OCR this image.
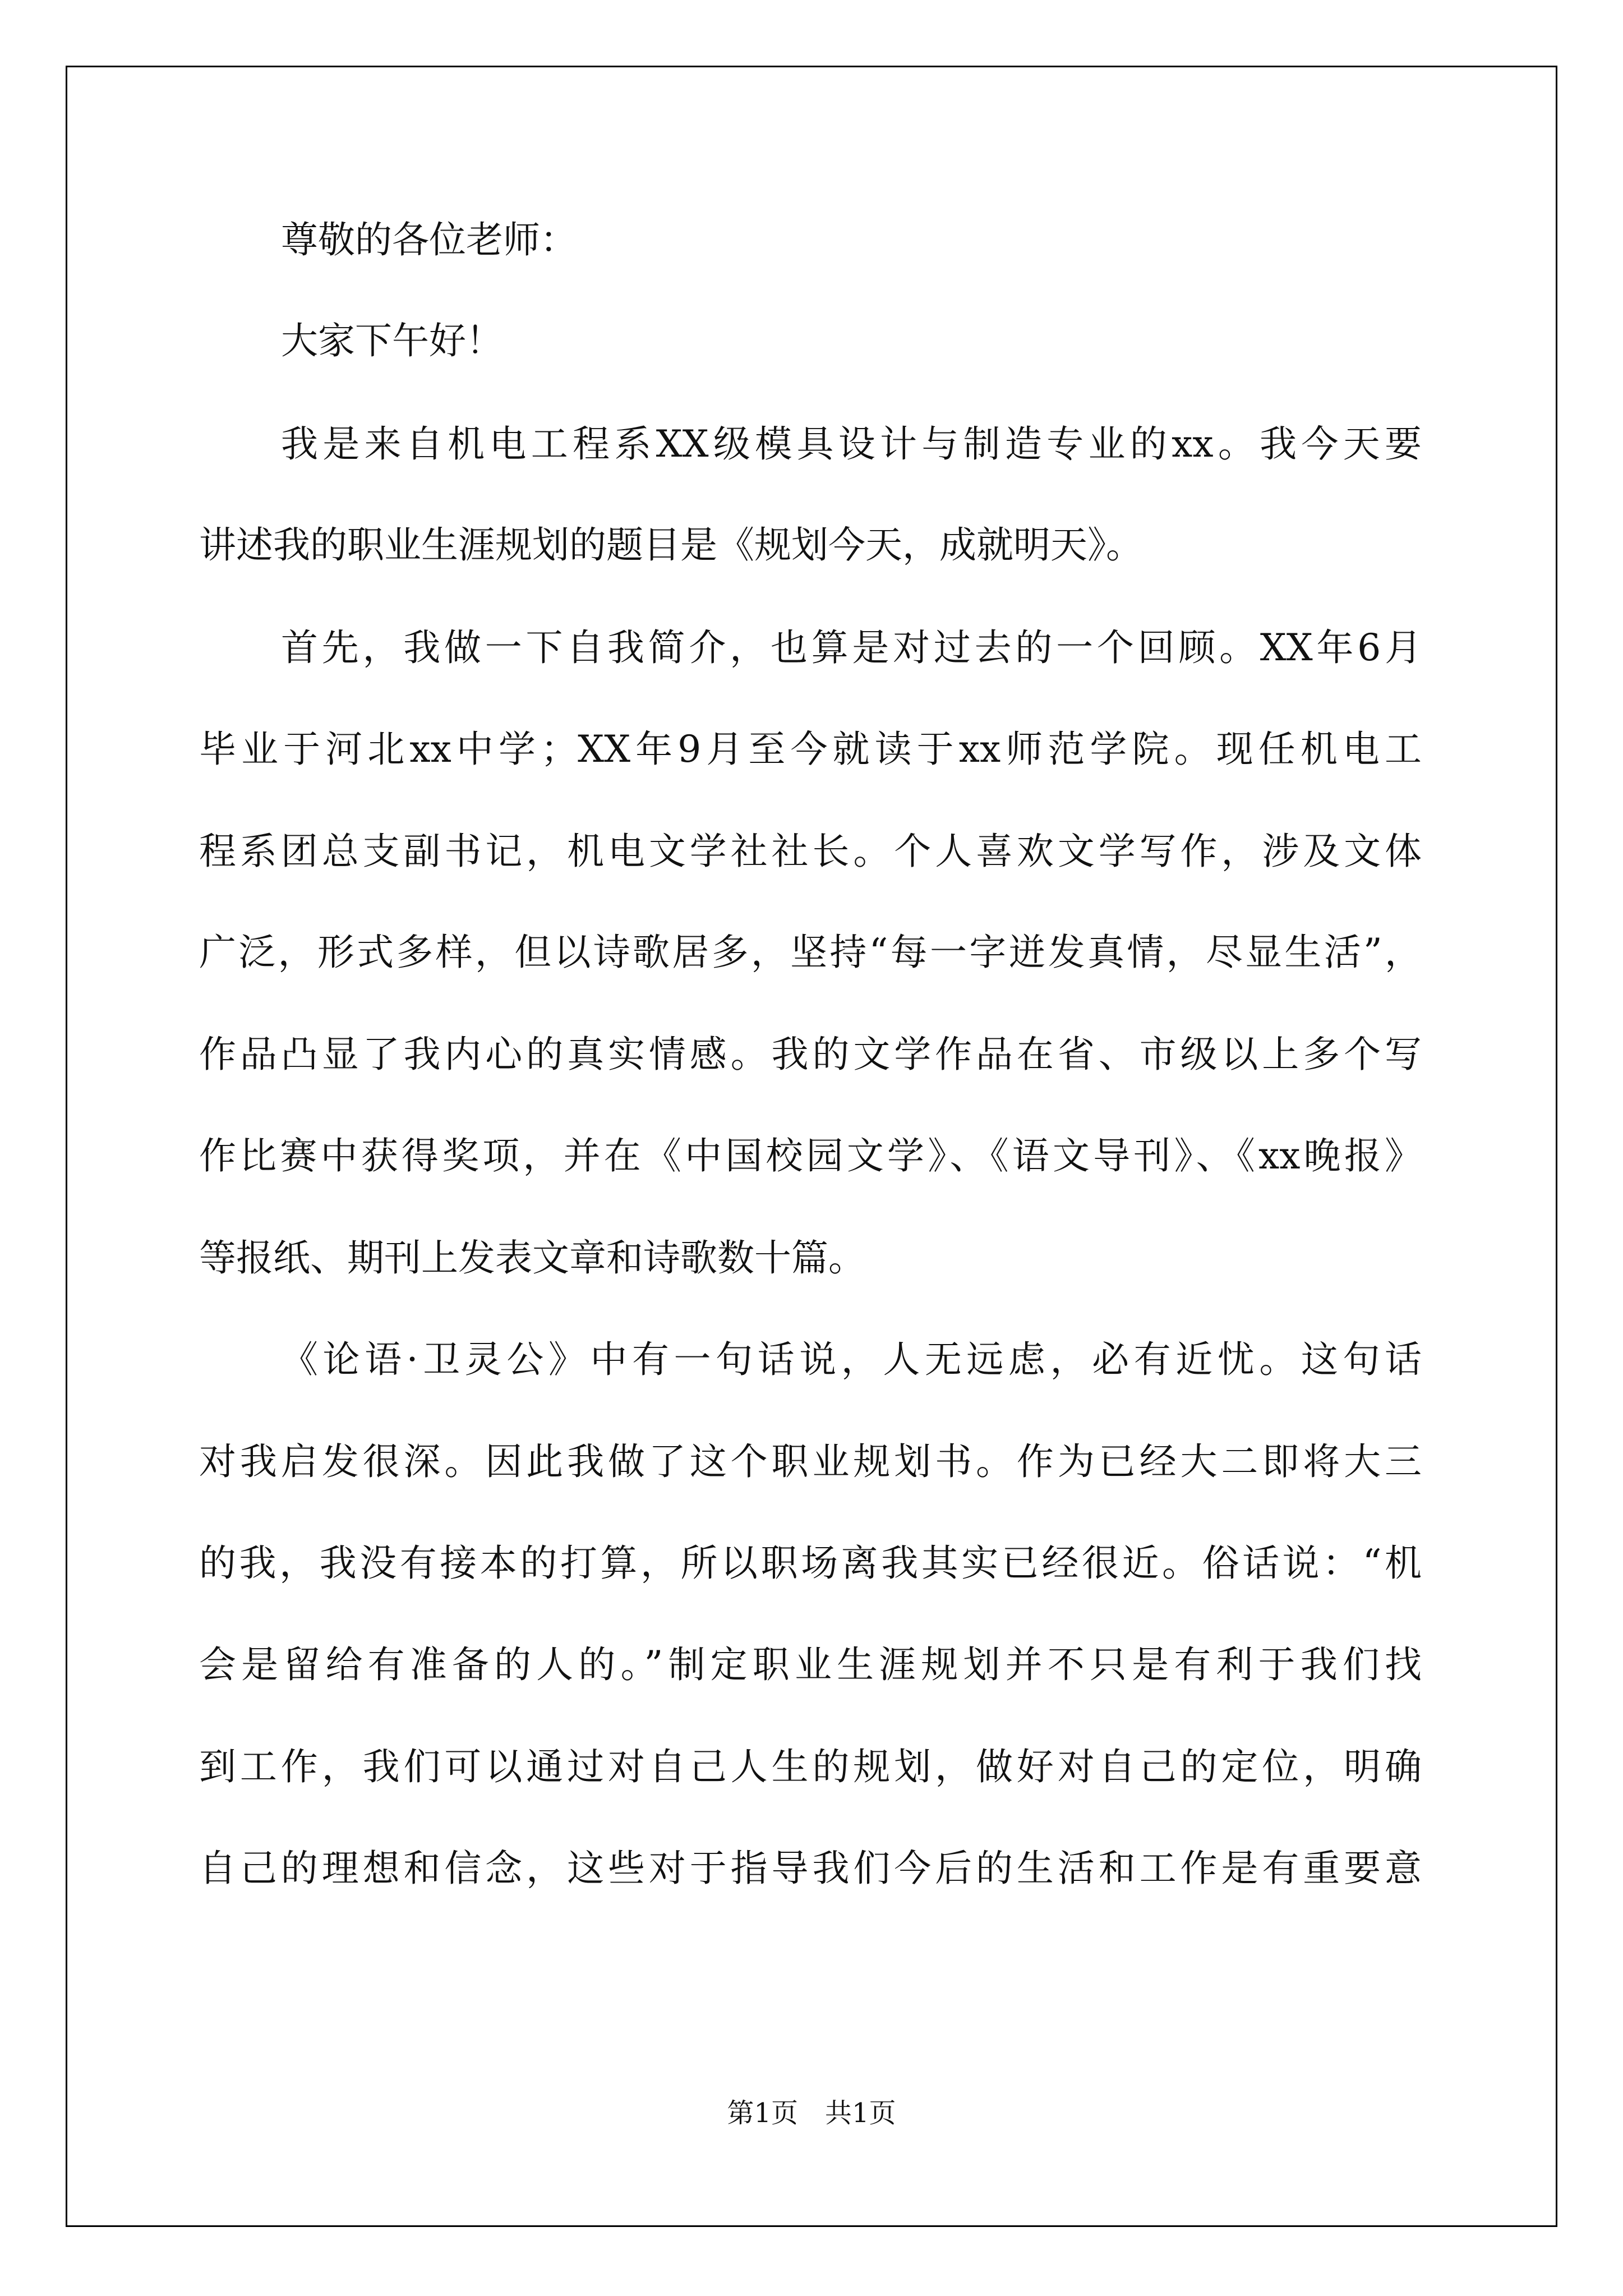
尊敬的各位老师：
大家下午好！
我是来自机电工程系XX级模具设计与制造专业的xx。我今天要
讲述我的职业生涯规划的题目是《规划今天，成就明天》。
首先，我做一下自我简介，也算是对过去的一个回顾。XX年6月
毕业于河北xx中学；XX年9月至今就读于xx师范学院。现任机电工
程系团总支副书记，机电文学社社长。个人喜欢文学写作，涉及文体
广泛，形式多样，但以诗歌居多，坚持“每一字迸发真情，尽显生活”，
作品凸显了我内心的真实情感。我的文学作品在省、市级以上多个写
作比赛中获得奖项，并在《中国校园文学》、《语文导刊》、《xx晚报》
等报纸、期刊上发表文章和诗歌数十篇。
《论语·卫灵公》中有一句话说，人无远虑，必有近忧。这句话
对我启发很深。因此我做了这个职业规划书。作为已经大二即将大三
的我，我没有接本的打算，所以职场离我其实已经很近。俗话说：“机
会是留给有准备的人的。”制定职业生涯规划并不只是有利于我们找
到工作，我们可以通过对自己人生的规划，做好对自己的定位，明确
自己的理想和信念，这些对于指导我们今后的生活和工作是有重要意
第1页　共1页
